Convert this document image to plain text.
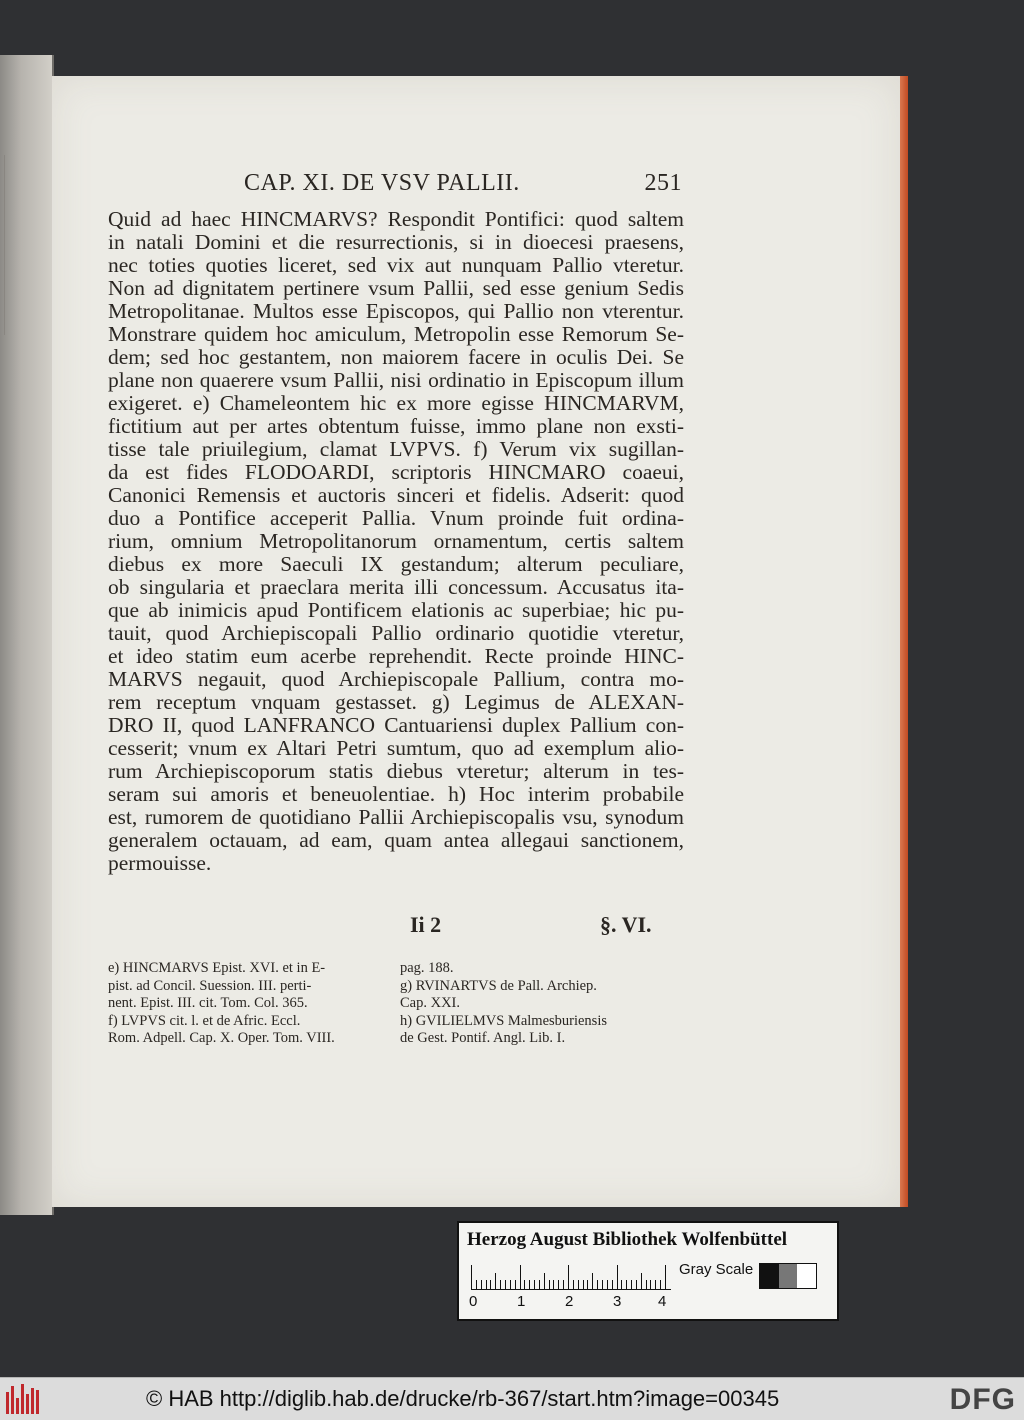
CAP. XI. DE VSV PALLII.	251
Quid ad haec HINCMARVS? Respondit Pontifici: quod saltem
in natali Domini et die resurrectionis, si in dioecesi praesens,
nec toties quoties liceret, sed vix aut nunquam Pallio vteretur.
Non ad dignitatem pertinere vsum Pallii, sed esse genium Sedis
Metropolitanae. Multos esse Episcopos, qui Pallio non vterentur.
Monstrare quidem hoc amiculum, Metropolin esse Remorum Se-
dem; sed hoc gestantem, non maiorem facere in oculis Dei. Se
plane non quaerere vsum Pallii, nisi ordinatio in Episcopum illum
exigeret. e) Chameleontem hic ex more egisse HINCMARVM,
fictitium aut per artes obtentum fuisse, immo plane non exsti-
tisse tale priuilegium, clamat LVPVS. f) Verum vix sugillan-
da est fides FLODOARDI, scriptoris HINCMARO coaeui,
Canonici Remensis et auctoris sinceri et fidelis. Adserit: quod
duo a Pontifice acceperit Pallia. Vnum proinde fuit ordina-
rium, omnium Metropolitanorum ornamentum, certis saltem
diebus ex more Saeculi IX gestandum; alterum peculiare,
ob singularia et praeclara merita illi concessum. Accusatus ita-
que ab inimicis apud Pontificem elationis ac superbiae; hic pu-
tauit, quod Archiepiscopali Pallio ordinario quotidie vteretur,
et ideo statim eum acerbe reprehendit. Recte proinde HINC-
MARVS negauit, quod Archiepiscopale Pallium, contra mo-
rem receptum vnquam gestasset. g) Legimus de ALEXAN-
DRO II, quod LANFRANCO Cantuariensi duplex Pallium con-
cesserit; vnum ex Altari Petri sumtum, quo ad exemplum alio-
rum Archiepiscoporum statis diebus vteretur; alterum in tes-
seram sui amoris et beneuolentiae. h) Hoc interim probabile
est, rumorem de quotidiano Pallii Archiepiscopalis vsu, synodum
generalem octauam, ad eam, quam antea allegaui sanctionem,
permouisse.
Ii 2	§. VI.
e) HINCMARVS Epist. XVI. et in E-
pist. ad Concil. Suession. III. perti-
nent. Epist. III. cit. Tom. Col. 365.
f) LVPVS cit. l. et de Afric. Eccl.
Rom. Adpell. Cap. X. Oper. Tom. VIII.
pag. 188.
g) RVINARTVS de Pall. Archiep.
Cap. XXI.
h) GVILIELMVS Malmesburiensis
de Gest. Pontif. Angl. Lib. I.
Herzog August Bibliothek Wolfenbüttel
0	1	2	3 4
Gray Scale
© HAB http://diglib.hab.de/drucke/rb-367/start.htm?image=00345	DFG
